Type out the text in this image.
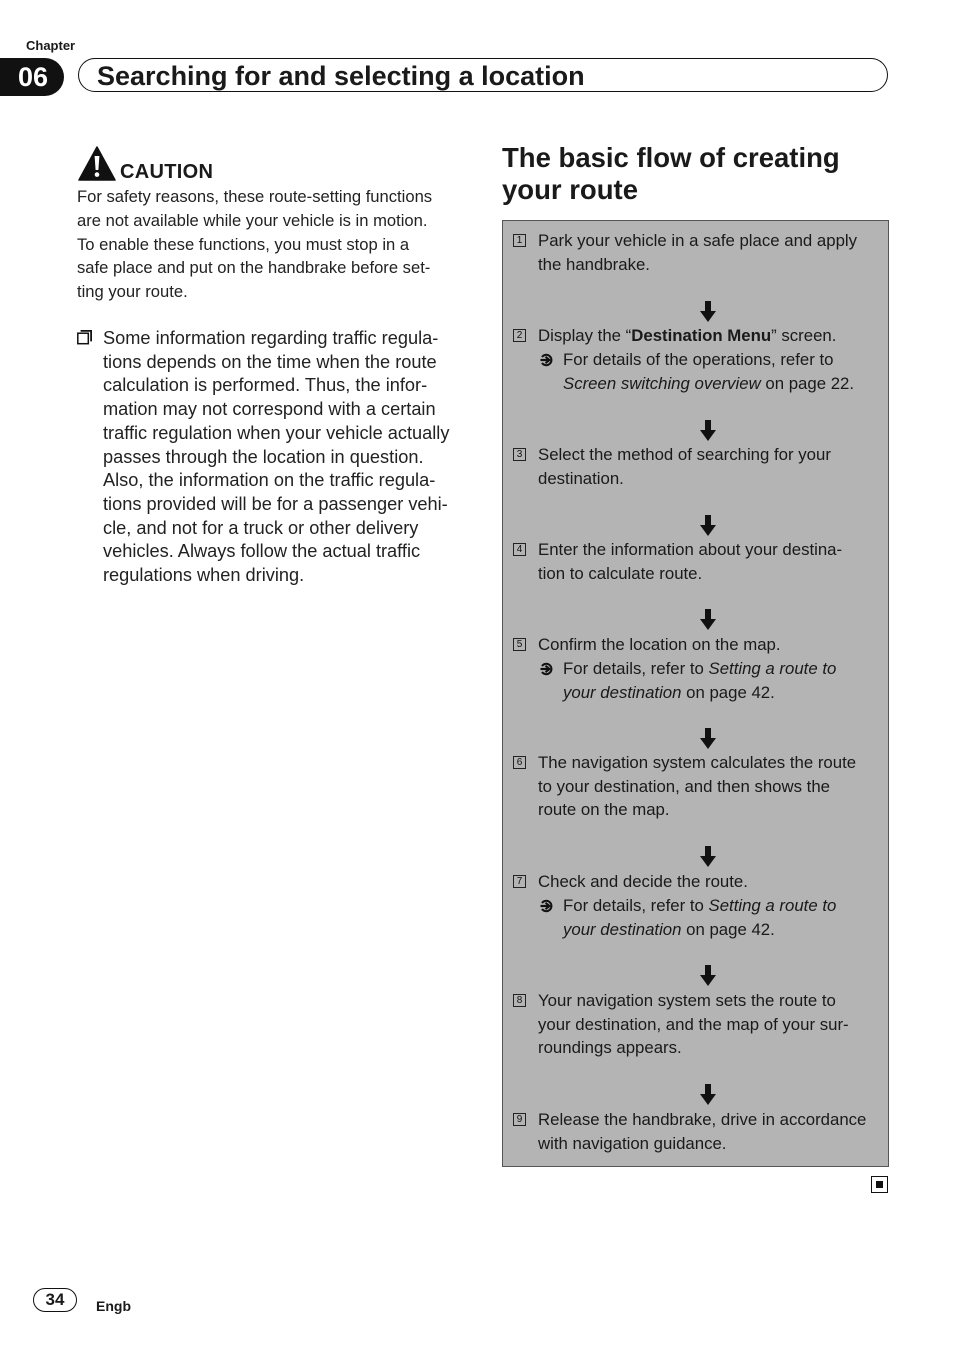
Chapter
06	Searching for and selecting a location
CAUTION
For safety reasons, these route-setting functions
are not available while your vehicle is in motion.
To enable these functions, you must stop in a
safe place and put on the handbrake before set-
ting your route.
Some information regarding traffic regula-
tions depends on the time when the route
calculation is performed. Thus, the infor-
mation may not correspond with a certain
traffic regulation when your vehicle actually
passes through the location in question.
Also, the information on the traffic regula-
tions provided will be for a passenger vehi-
cle, and not for a truck or other delivery
vehicles. Always follow the actual traffic
regulations when driving.
The basic flow of creating
your route
1 Park your vehicle in a safe place and apply
the handbrake.
2 Display the “Destination Menu” screen.
For details of the operations, refer to
Screen switching overview on page 22.
3 Select the method of searching for your
destination.
4 Enter the information about your destina-
tion to calculate route.
5 Confirm the location on the map.
For details, refer to Setting a route to
your destination on page 42.
6 The navigation system calculates the route
to your destination, and then shows the
route on the map.
7 Check and decide the route.
For details, refer to Setting a route to
your destination on page 42.
8 Your navigation system sets the route to
your destination, and the map of your sur-
roundings appears.
9 Release the handbrake, drive in accordance
with navigation guidance.
34	Engb
